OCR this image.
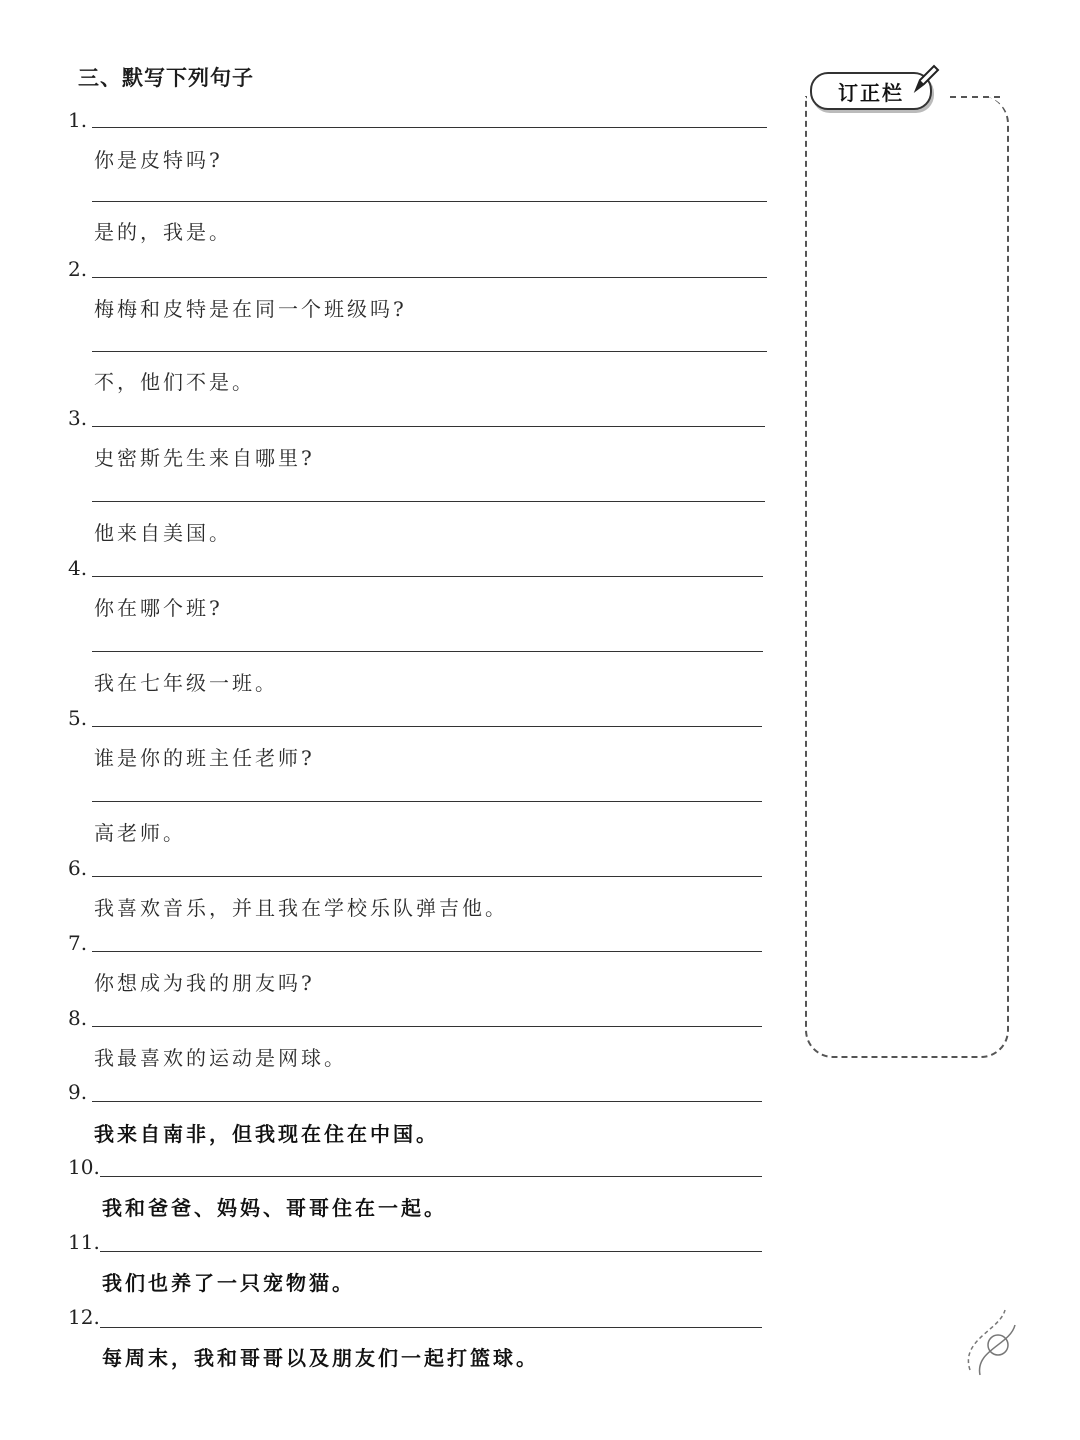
三、默写下列句子
1.
你是皮特吗?
是的，我是。
2.
梅梅和皮特是在同一个班级吗?
不，他们不是。
3.
史密斯先生来自哪里?
他来自美国。
4.
你在哪个班?
我在七年级一班。
5.
谁是你的班主任老师?
高老师。
6.
我喜欢音乐，并且我在学校乐队弹吉他。
7.
你想成为我的朋友吗?
8.
我最喜欢的运动是网球。
9.
我来自南非，但我现在住在中国。
10.
我和爸爸、妈妈、哥哥住在一起。
11.
我们也养了一只宠物猫。
12.
每周末，我和哥哥以及朋友们一起打篮球。
订正栏
